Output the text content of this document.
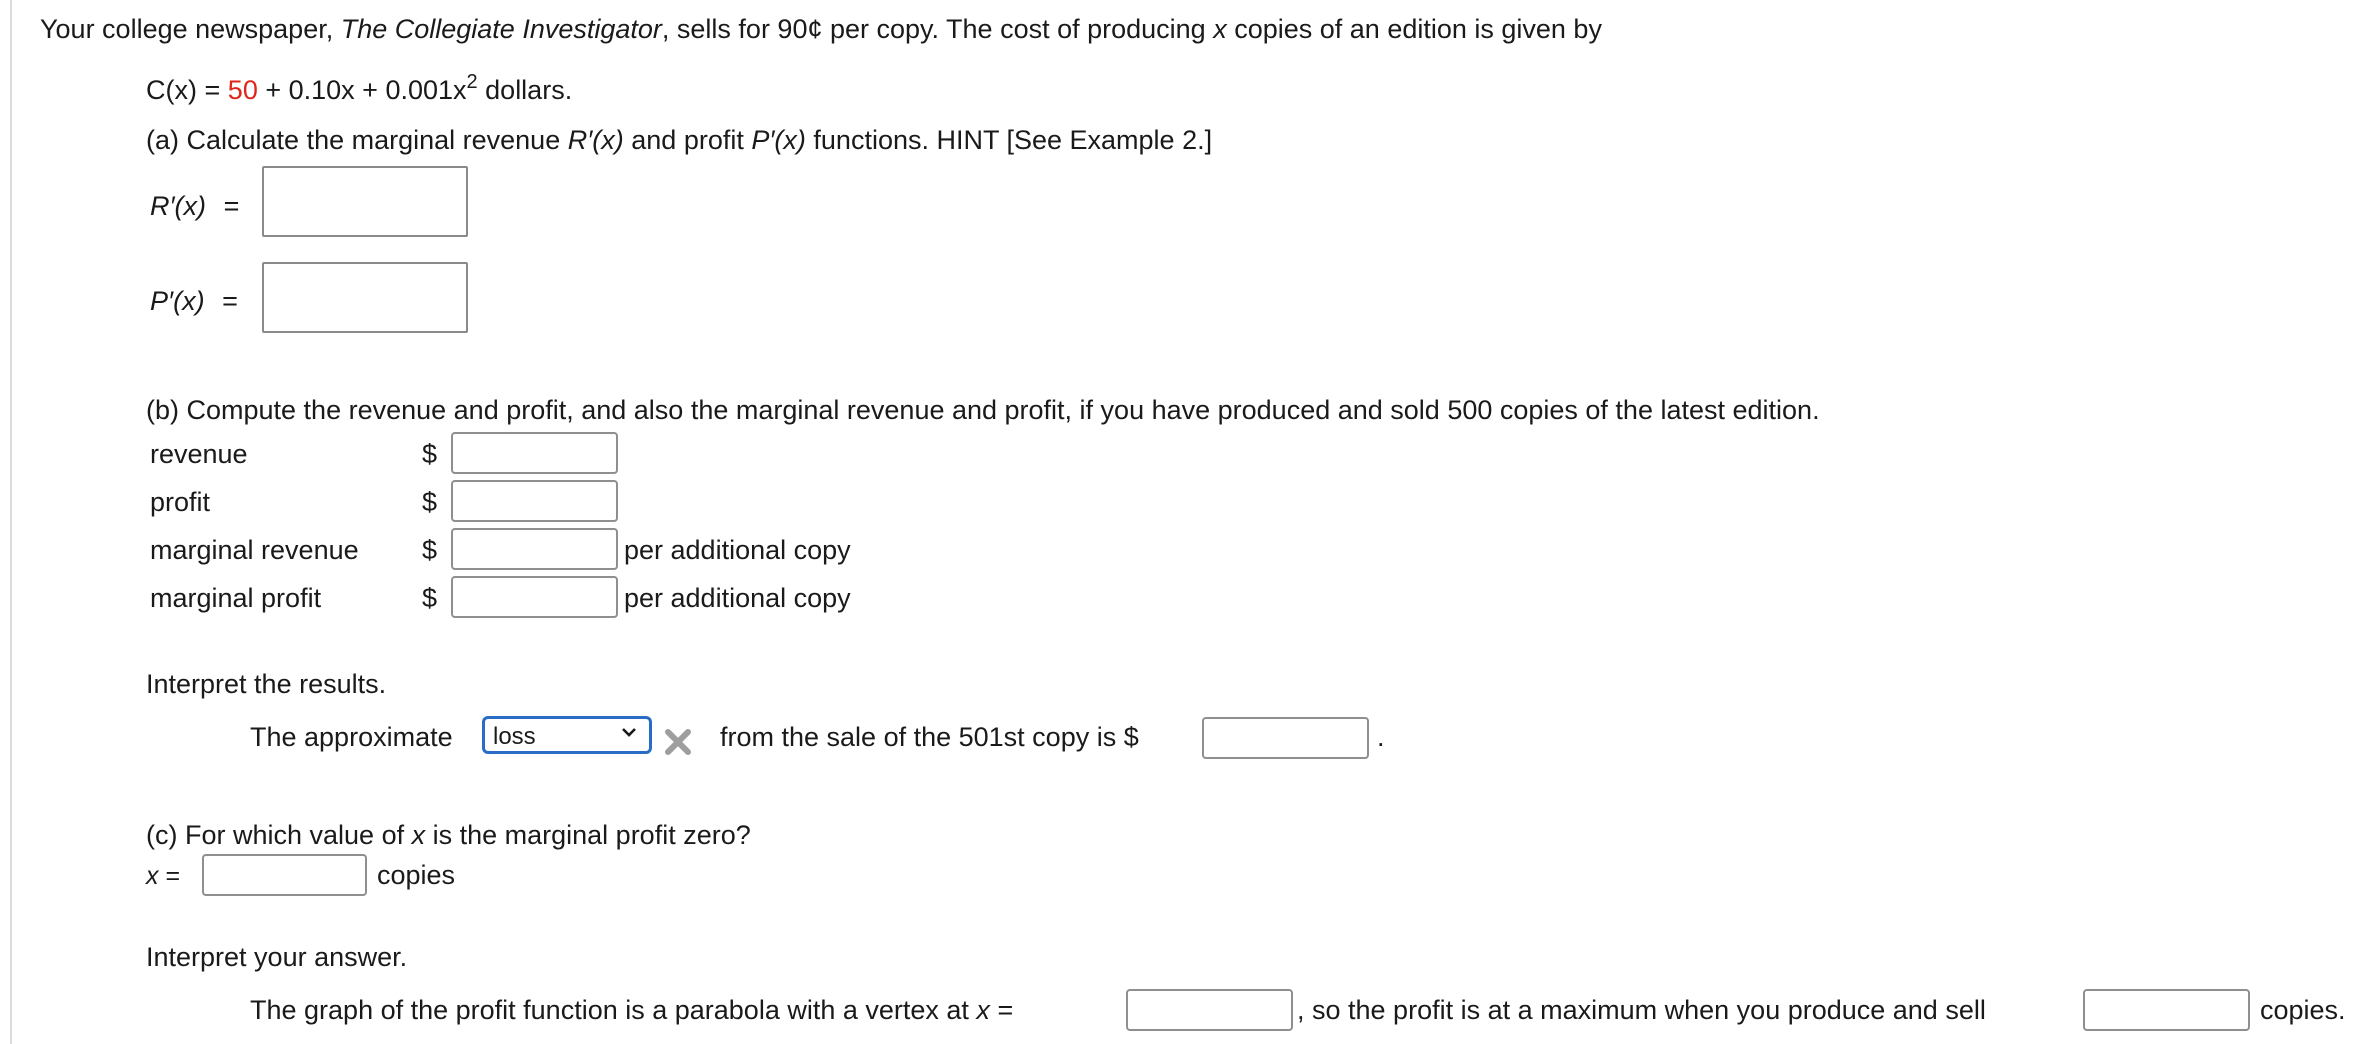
Your college newspaper, The Collegiate Investigator, sells for 90¢ per copy. The cost of producing x copies of an edition is given by
$C(x) = 50 + 0.10x + 0.001x^2$ dollars.
(a) Calculate the marginal revenue R′(x) and profit P′(x) functions. HINT [See Example 2.]
R′(x) =
P′(x) =
(b) Compute the revenue and profit, and also the marginal revenue and profit, if you have produced and sold 500 copies of the latest edition.
revenue	$
profit	$
marginal revenue $	per additional copy
marginal profit	$	per additional copy
Interpret the results.
The approximate	loss	from the sale of the 501st copy is $	.
(c) For which value of x is the marginal profit zero?
x =	copies
Interpret your answer.
The graph of the profit function is a parabola with a vertex at x =	, so the profit is at a maximum when you produce and sell	copies.
